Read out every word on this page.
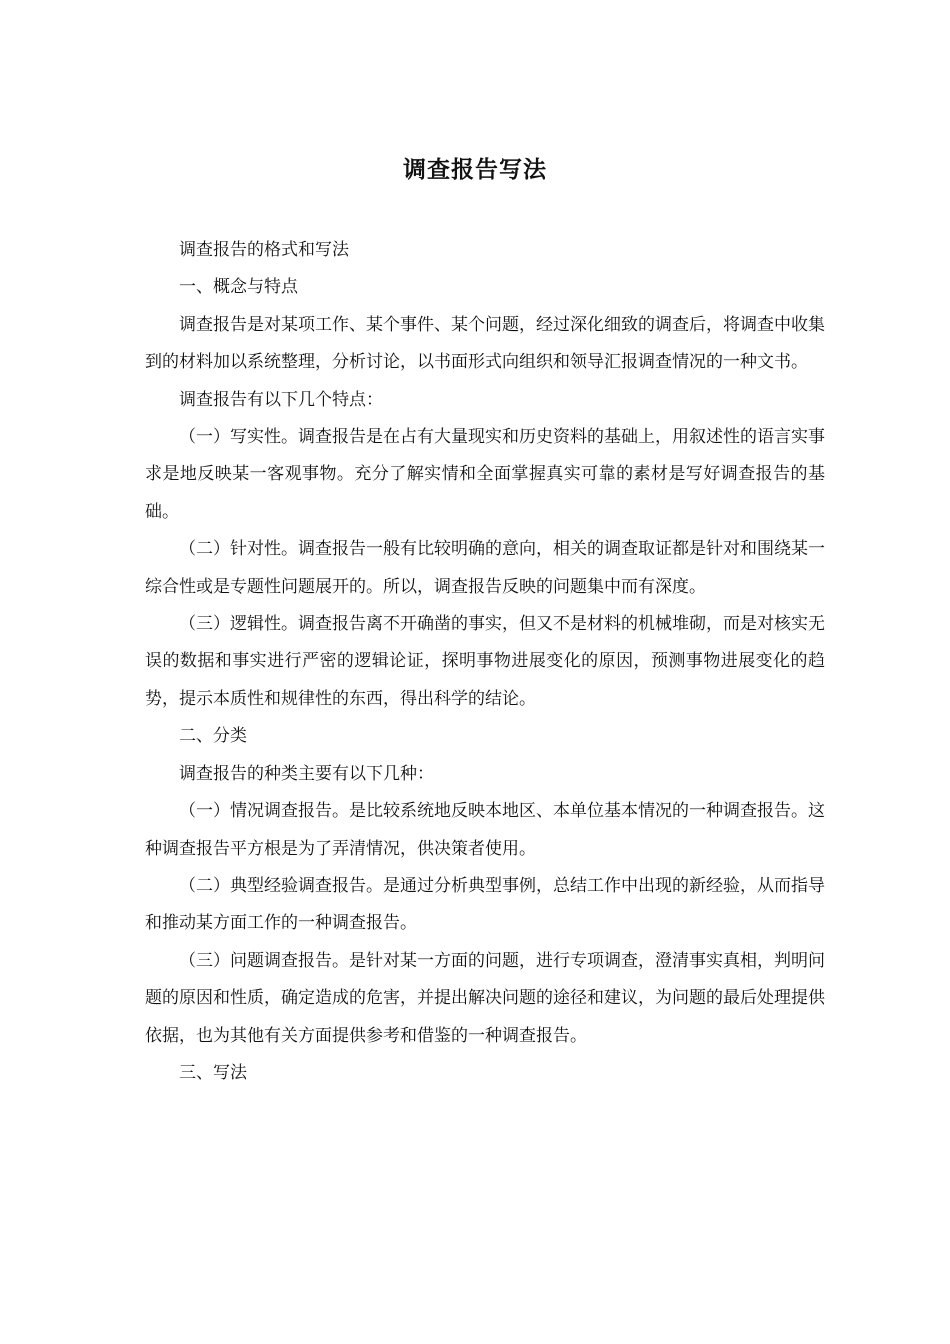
调查报告写法

调查报告的格式和写法

一、概念与特点

调查报告是对某项工作、某个事件、某个问题，经过深化细致的调查后，将调查中收集到的材料加以系统整理，分析讨论，以书面形式向组织和领导汇报调查情况的一种文书。

调查报告有以下几个特点：

（一）写实性。调查报告是在占有大量现实和历史资料的基础上，用叙述性的语言实事求是地反映某一客观事物。充分了解实情和全面掌握真实可靠的素材是写好调查报告的基础。

（二）针对性。调查报告一般有比较明确的意向，相关的调查取证都是针对和围绕某一综合性或是专题性问题展开的。所以，调查报告反映的问题集中而有深度。

（三）逻辑性。调查报告离不开确凿的事实，但又不是材料的机械堆砌，而是对核实无误的数据和事实进行严密的逻辑论证，探明事物进展变化的原因，预测事物进展变化的趋势，提示本质性和规律性的东西，得出科学的结论。

二、分类

调查报告的种类主要有以下几种：

（一）情况调查报告。是比较系统地反映本地区、本单位基本情况的一种调查报告。这种调查报告平方根是为了弄清情况，供决策者使用。

（二）典型经验调查报告。是通过分析典型事例，总结工作中出现的新经验，从而指导和推动某方面工作的一种调查报告。

（三）问题调查报告。是针对某一方面的问题，进行专项调查，澄清事实真相，判明问题的原因和性质，确定造成的危害，并提出解决问题的途径和建议，为问题的最后处理提供依据，也为其他有关方面提供参考和借鉴的一种调查报告。

三、写法
